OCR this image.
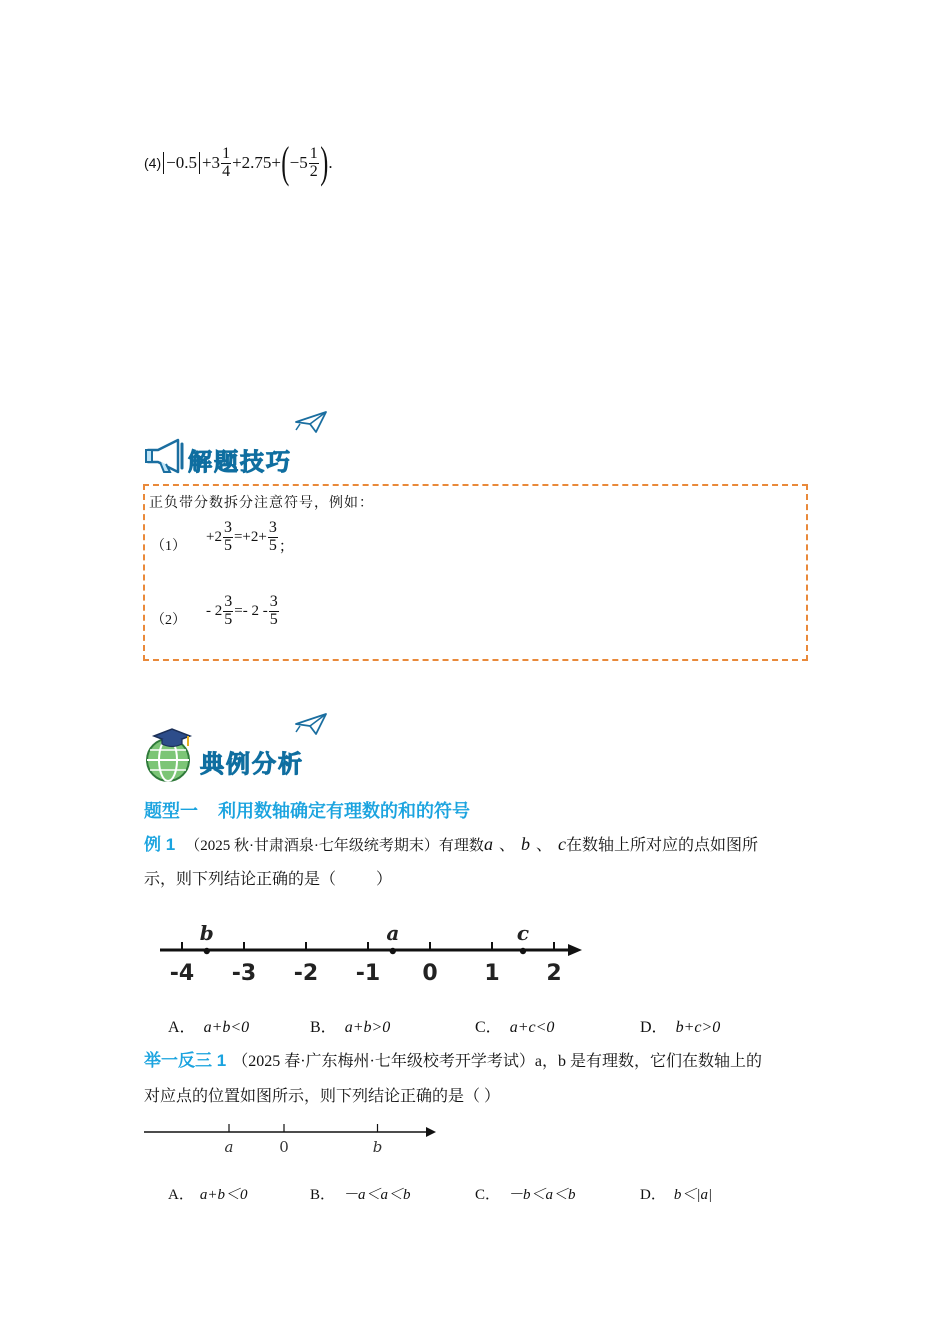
$(4) -0.5 +3 \frac{1}{4} +2.75+$ ( $-5 \frac{1}{2}$ ) .
解题技巧
正负带分数拆分注意符号，例如：
（1）
$+2 \frac{3}{5} =+2+ \frac{3}{5}$ ；
（2）
- $2 \frac{3}{5} =- 2 - \frac{3}{5}$
典例分析
题型一    利用数轴确定有理数的和的符号
例 1 （2025 秋·甘肃酒泉·七年级统考期末）有理数a 、 b 、 c在数轴上所对应的点如图所
示，则下列结论正确的是（          ）
-4 -3 -2 -1 0 1 2
b	a	c
A． a+b<0	B． a+b>0	C． a+c<0	D． b+c>0
举一反三 1 （2025 春·广东梅州·七年级校考开学考试）a，b 是有理数，它们在数轴上的
对应点的位置如图所示，则下列结论正确的是（ ）
a	0	b
A． a+b＜0	B． －a＜a＜b	C． －b＜a＜b	D． b＜|a|
